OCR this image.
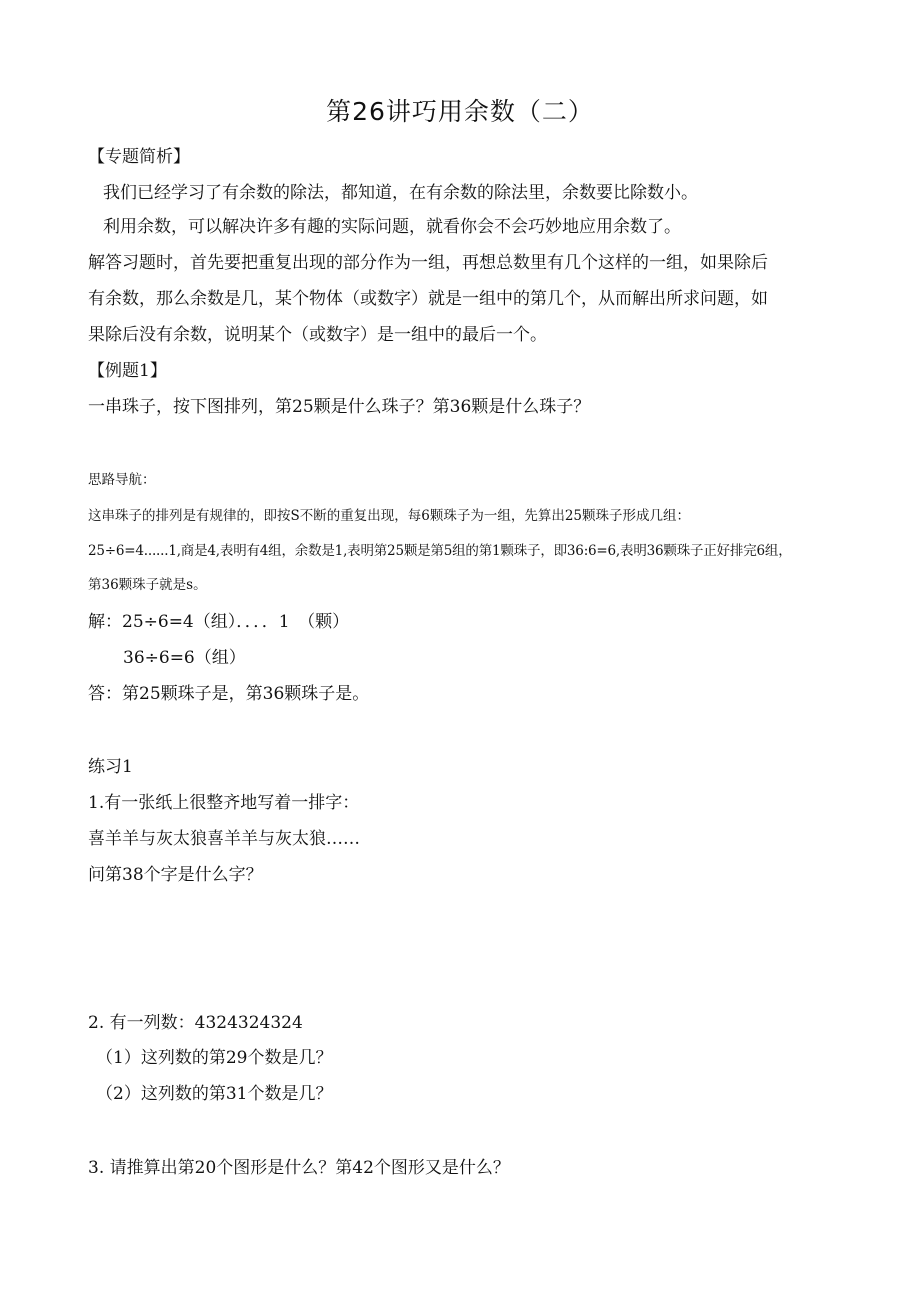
第26讲巧用余数（二）
【专题简析】
我们已经学习了有余数的除法，都知道，在有余数的除法里，余数要比除数小。
利用余数，可以解决许多有趣的实际问题，就看你会不会巧妙地应用余数了。
解答习题时，首先要把重复出现的部分作为一组，再想总数里有几个这样的一组，如果除后
有余数，那么余数是几，某个物体（或数字）就是一组中的第几个，从而解出所求问题，如
果除后没有余数，说明某个（或数字）是一组中的最后一个。
【例题1】
一串珠子，按下图排列，第25颗是什么珠子？第36颗是什么珠子？
思路导航：
这串珠子的排列是有规律的，即按S不断的重复出现，每6颗珠子为一组，先算出25颗珠子形成几组：
25÷6=4......1,商是4,表明有4组，余数是1,表明第25颗是第5组的第1颗珠子，即36:6=6,表明36颗珠子正好排完6组，
第36颗珠子就是s。
解：25÷6=4（组）．．．．1　（颗）
36÷6=6（组）
答：第25颗珠子是，第36颗珠子是。
练习1
1.有一张纸上很整齐地写着一排字：
喜羊羊与灰太狼喜羊羊与灰太狼……
问第38个字是什么字？
2. 有一列数：4324324324
（1）这列数的第29个数是几？
（2）这列数的第31个数是几？
3. 请推算出第20个图形是什么？第42个图形又是什么？
